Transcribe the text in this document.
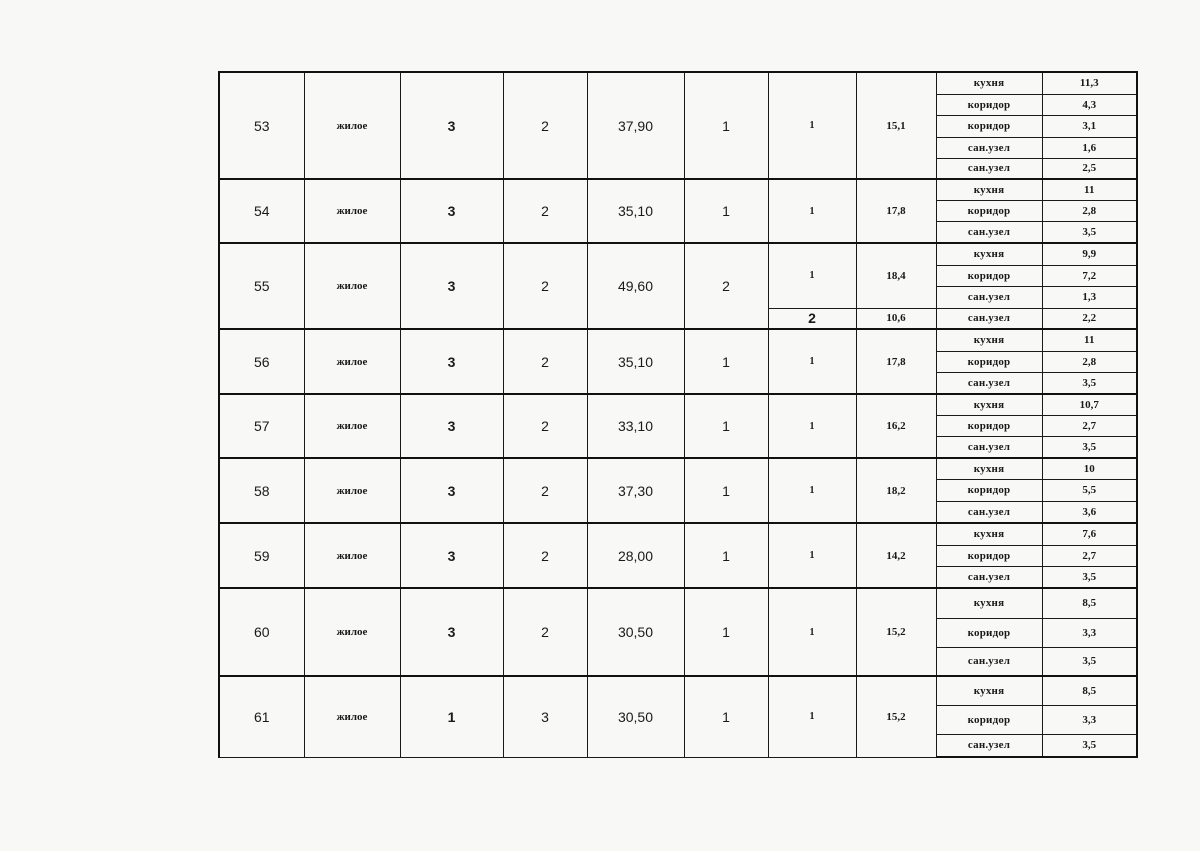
53	жилое	3	2	37,90	1	1	15,1	кухня	11,3
								коридор	4,3
								коридор	3,1
								сан.узел	1,6
								сан.узел	2,5
54	жилое	3	2	35,10	1	1	17,8	кухня	11
								коридор	2,8
								сан.узел	3,5
55	жилое	3	2	49,60	2	1	18,4	кухня	9,9
								коридор	7,2
								сан.узел	1,3
						2	10,6	сан.узел	2,2
56	жилое	3	2	35,10	1	1	17,8	кухня	11
								коридор	2,8
								сан.узел	3,5
57	жилое	3	2	33,10	1	1	16,2	кухня	10,7
								коридор	2,7
								сан.узел	3,5
58	жилое	3	2	37,30	1	1	18,2	кухня	10
								коридор	5,5
								сан.узел	3,6
59	жилое	3	2	28,00	1	1	14,2	кухня	7,6
								коридор	2,7
								сан.узел	3,5
60	жилое	3	2	30,50	1	1	15,2	кухня	8,5
								коридор	3,3
								сан.узел	3,5
61	жилое	1	3	30,50	1	1	15,2	кухня	8,5
								коридор	3,3
								сан.узел	3,5
